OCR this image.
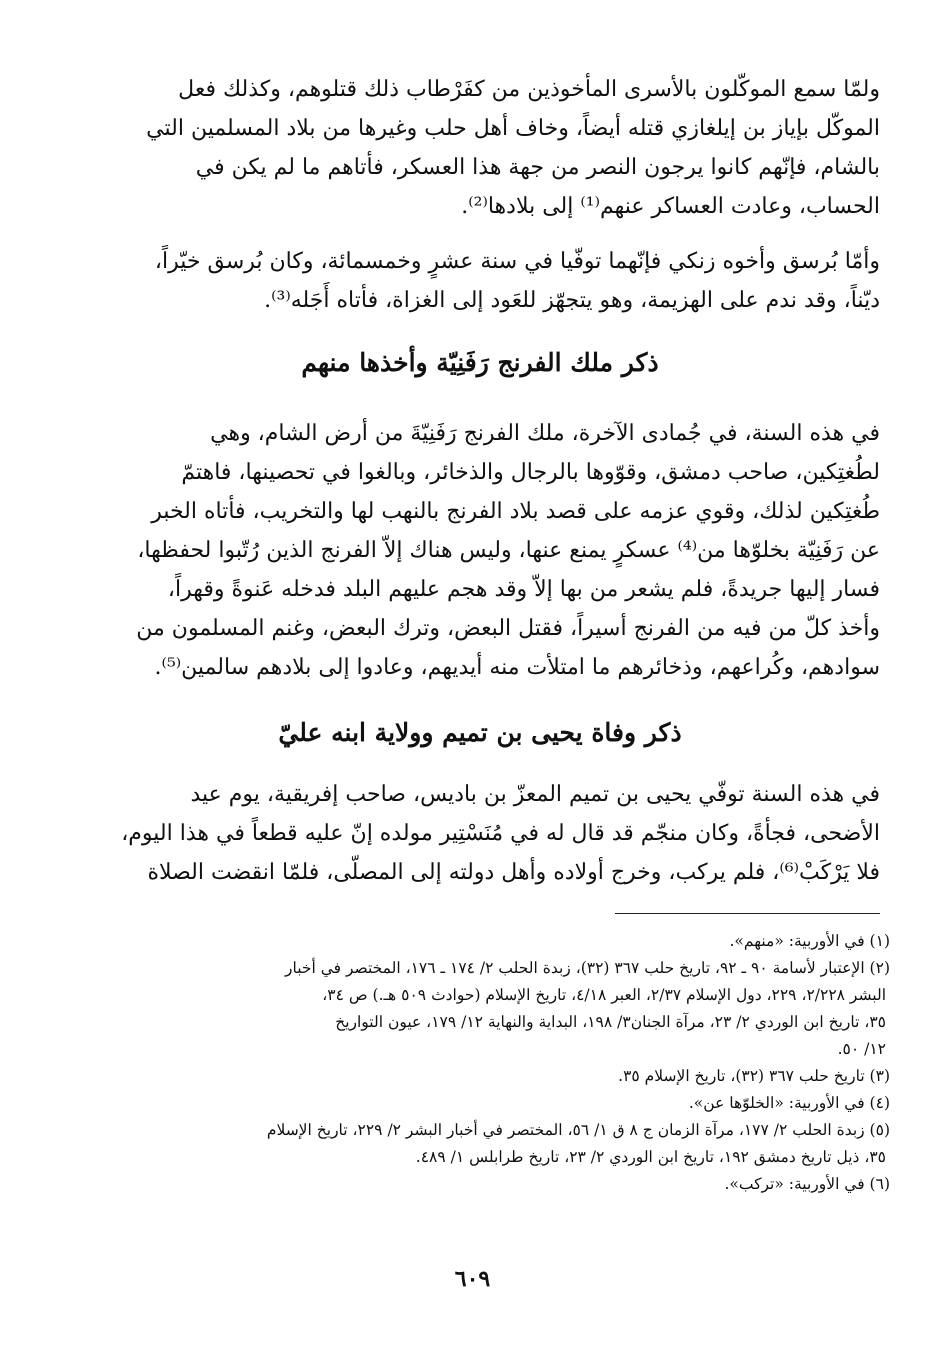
ولمّا سمع الموكّلون بالأسرى المأخوذين من كفَرْطاب ذلك قتلوهم، وكذلك فعل
الموكّل بإياز بن إيلغازي قتله أيضاً، وخاف أهل حلب وغيرها من بلاد المسلمين التي
بالشام، فإنّهم كانوا يرجون النصر من جهة هذا العسكر، فأتاهم ما لم يكن في
الحساب، وعادت العساكر عنهم⁽¹⁾ إلى بلادها⁽²⁾.
وأمّا بُرسق وأخوه زنكي فإنّهما توفّيا في سنة عشرٍ وخمسمائة، وكان بُرسق خيّراً،
ديّناً، وقد ندم على الهزيمة، وهو يتجهّز للعَود إلى الغزاة، فأتاه أَجَله⁽³⁾.
ذكر ملك الفرنج رَفَنِيّة وأخذها منهم
في هذه السنة، في جُمادى الآخرة، ملك الفرنج رَفَنِيّةَ من أرض الشام، وهي
لطُغتِكين، صاحب دمشق، وقوّوها بالرجال والذخائر، وبالغوا في تحصينها، فاهتمّ
طُغتِكين لذلك، وقوي عزمه على قصد بلاد الفرنج بالنهب لها والتخريب، فأتاه الخبر
عن رَفَنِيّة بخلوّها من⁽⁴⁾ عسكرٍ يمنع عنها، وليس هناك إلاّ الفرنج الذين رُتّبوا لحفظها،
فسار إليها جريدةً، فلم يشعر من بها إلاّ وقد هجم عليهم البلد فدخله عَنوةً وقهراً،
وأخذ كلّ من فيه من الفرنج أسيراً، فقتل البعض، وترك البعض، وغنم المسلمون من
سوادهم، وكُراعهم، وذخائرهم ما امتلأت منه أيديهم، وعادوا إلى بلادهم سالمين⁽⁵⁾.
ذكر وفاة يحيى بن تميم وولاية ابنه عليّ
في هذه السنة توفّي يحيى بن تميم المعزّ بن باديس، صاحب إفريقية، يوم عيد
الأضحى، فجأةً، وكان منجّم قد قال له في مُنَسْتِير مولده إنّ عليه قطعاً في هذا اليوم،
فلا يَرْكَبْ⁽⁶⁾، فلم يركب، وخرج أولاده وأهل دولته إلى المصلّى، فلمّا انقضت الصلاة
(١) في الأوربية: «منهم».
(٢) الإعتبار لأسامة ٩٠ ـ ٩٢، تاريخ حلب ٣٦٧ (٣٢)، زبدة الحلب ٢/ ١٧٤ ـ ١٧٦، المختصر في أخبار
البشر ٢/٢٢٨، ٢٢٩، دول الإسلام ٢/٣٧، العبر ٤/١٨، تاريخ الإسلام (حوادث ٥٠٩ هـ.) ص ٣٤،
٣٥، تاريخ ابن الوردي ٢/ ٢٣، مرآة الجنان٣/ ١٩٨، البداية والنهاية ١٢/ ١٧٩، عيون التواريخ
١٢/ ٥٠.
(٣) تاريخ حلب ٣٦٧ (٣٢)، تاريخ الإسلام ٣٥.
(٤) في الأوربية: «الخلوّها عن».
(٥) زبدة الحلب ٢/ ١٧٧، مرآة الزمان ج ٨ ق ١/ ٥٦، المختصر في أخبار البشر ٢/ ٢٢٩، تاريخ الإسلام
٣٥، ذيل تاريخ دمشق ١٩٢، تاريخ ابن الوردي ٢/ ٢٣، تاريخ طرابلس ١/ ٤٨٩.
(٦) في الأوربية: «تركب».
٦٠٩
